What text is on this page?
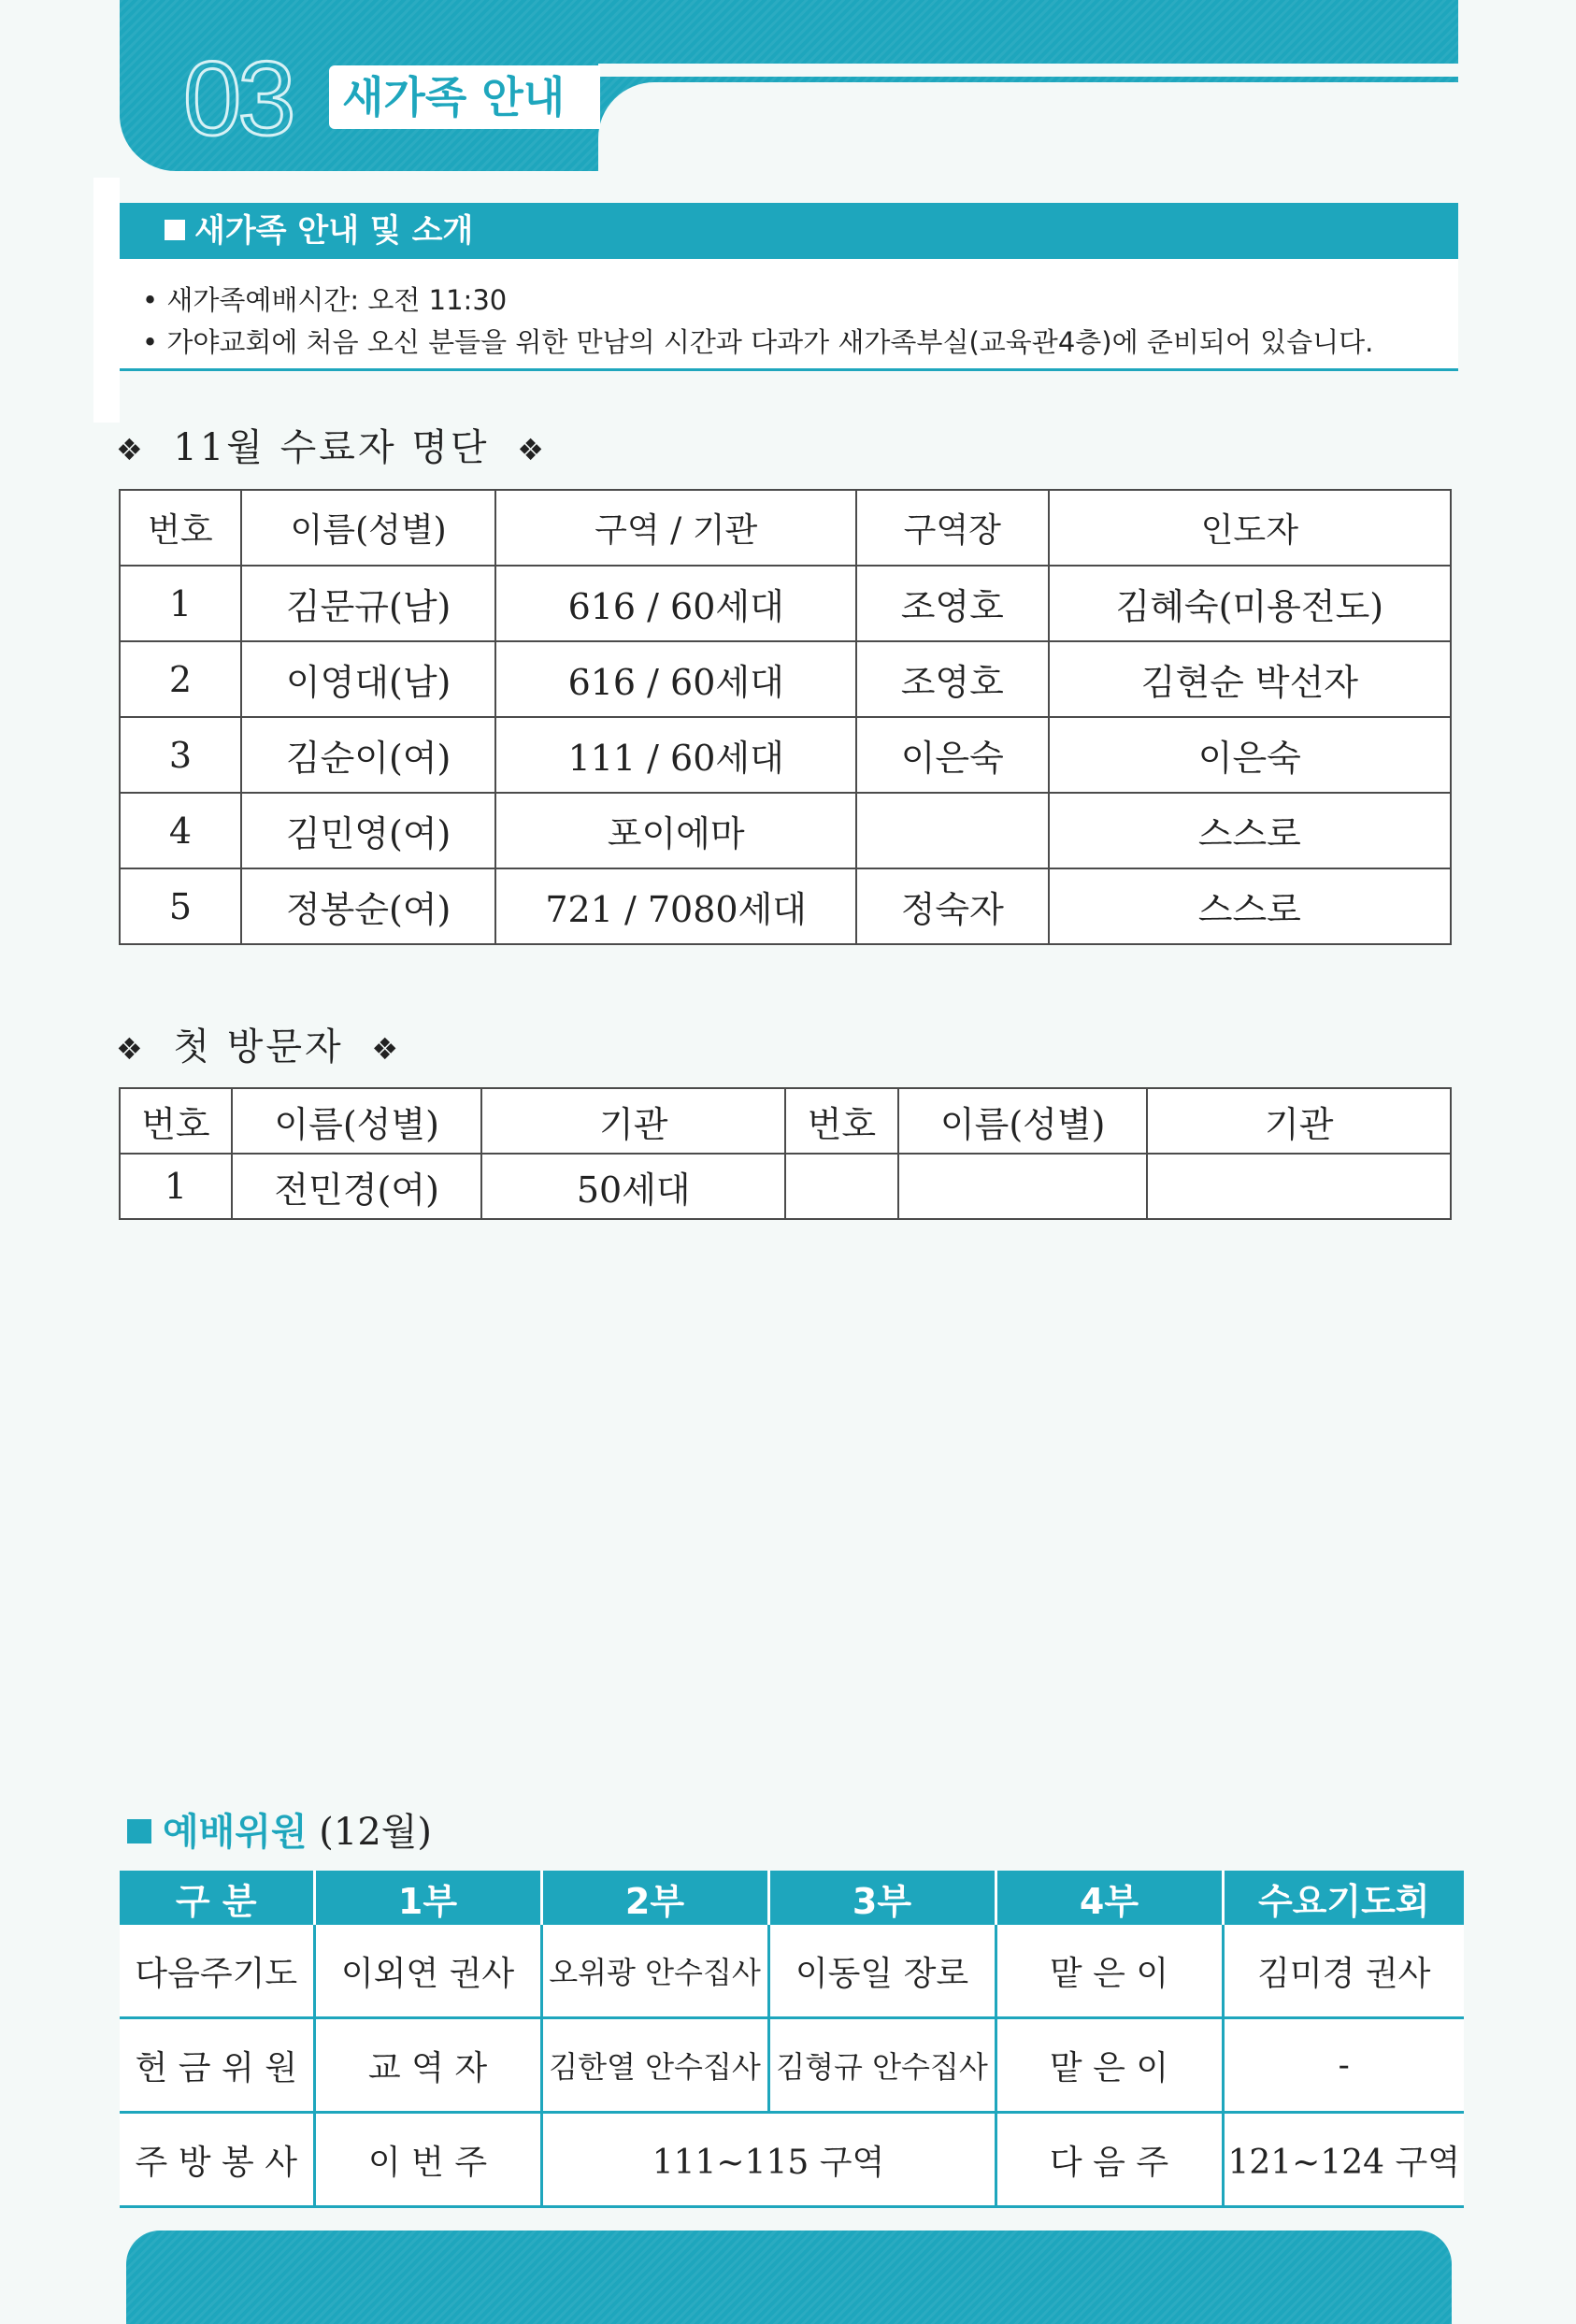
03	새가족 안내
새가족 안내 및 소개
• 새가족예배시간: 오전 11:30
• 가야교회에 처음 오신 분들을 위한 만남의 시간과 다과가 새가족부실(교육관4층)에 준비되어 있습니다.
❖ 11월 수료자 명단 ❖
번호	이름(성별)	구역 / 기관	구역장	인도자
1	김문규(남)	616 / 60세대	조영호	김혜숙(미용전도)
2	이영대(남)	616 / 60세대	조영호	김현순 박선자
3	김순이(여)	111 / 60세대	이은숙	이은숙
4	김민영(여)	포이에마		스스로
5	정봉순(여)	721 / 7080세대	정숙자	스스로
❖ 첫 방문자 ❖
번호	이름(성별)	기관	번호	이름(성별)	기관
1	전민경(여)	50세대			
예배위원 (12월)
구 분	1부	2부	3부	4부	수요기도회
다음주기도	이외연 권사	오위광 안수집사	이동일 장로	맡 은 이	김미경 권사
헌 금 위 원	교 역 자	김한열 안수집사	김형규 안수집사	맡 은 이	-
주 방 봉 사	이 번 주	111~115 구역		다 음 주	121~124 구역
